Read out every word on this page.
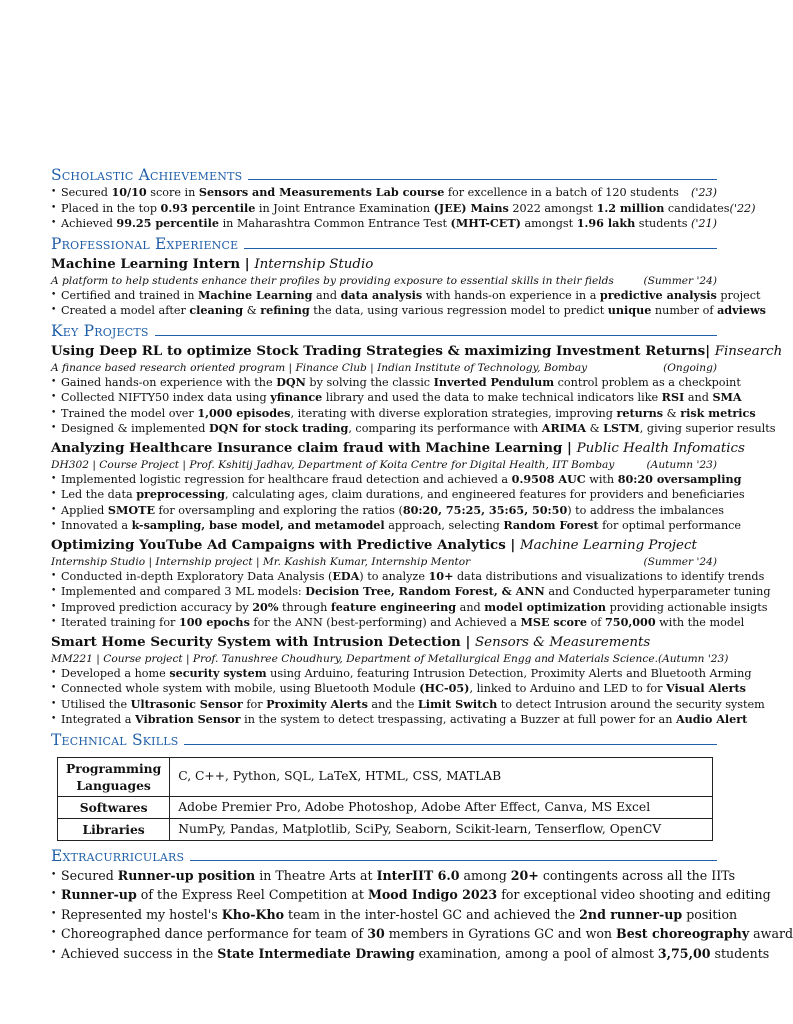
Scholastic Achievements
• Secured 10/10 score in Sensors and Measurements Lab course for excellence in a batch of 120 students ('23)
• Placed in the top 0.93 percentile in Joint Entrance Examination (JEE) Mains 2022 amongst 1.2 million candidates ('22)
• Achieved 99.25 percentile in Maharashtra Common Entrance Test (MHT-CET) amongst 1.96 lakh students ('21)
Professional Experience
Machine Learning Intern | Internship Studio
A platform to help students enhance their profiles by providing exposure to essential skills in their fields	(Summer '24)
• Certified and trained in Machine Learning and data analysis with hands-on experience in a predictive analysis project
• Created a model after cleaning & refining the data, using various regression model to predict unique number of adviews
Key Projects
Using Deep RL to optimize Stock Trading Strategies & maximizing Investment Returns| Finsearch
A finance based research oriented program | Finance Club | Indian Institute of Technology, Bombay	(Ongoing)
• Gained hands-on experience with the DQN by solving the classic Inverted Pendulum control problem as a checkpoint
• Collected NIFTY50 index data using yfinance library and used the data to make technical indicators like RSI and SMA
• Trained the model over 1,000 episodes, iterating with diverse exploration strategies, improving returns & risk metrics
• Designed & implemented DQN for stock trading, comparing its performance with ARIMA & LSTM, giving superior results
Analyzing Healthcare Insurance claim fraud with Machine Learning | Public Health Infomatics
DH302 | Course Project | Prof. Kshitij Jadhav, Department of Koita Centre for Digital Health, IIT Bombay	(Autumn '23)
• Implemented logistic regression for healthcare fraud detection and achieved a 0.9508 AUC with 80:20 oversampling
• Led the data preprocessing, calculating ages, claim durations, and engineered features for providers and beneficiaries
• Applied SMOTE for oversampling and exploring the ratios (80:20, 75:25, 35:65, 50:50) to address the imbalances
• Innovated a k-sampling, base model, and metamodel approach, selecting Random Forest for optimal performance
Optimizing YouTube Ad Campaigns with Predictive Analytics | Machine Learning Project
Internship Studio | Internship project | Mr. Kashish Kumar, Internship Mentor	(Summer '24)
• Conducted in-depth Exploratory Data Analysis (EDA) to analyze 10+ data distributions and visualizations to identify trends
• Implemented and compared 3 ML models: Decision Tree, Random Forest, & ANN and Conducted hyperparameter tuning
• Improved prediction accuracy by 20% through feature engineering and model optimization providing actionable insigts
• Iterated training for 100 epochs for the ANN (best-performing) and Achieved a MSE score of 750,000 with the model
Smart Home Security System with Intrusion Detection | Sensors & Measurements
MM221 | Course project | Prof. Tanushree Choudhury, Department of Metallurgical Engg and Materials Science. (Autumn '23)
• Developed a home security system using Arduino, featuring Intrusion Detection, Proximity Alerts and Bluetooth Arming
• Connected whole system with mobile, using Bluetooth Module (HC-05), linked to Arduino and LED to for Visual Alerts
• Utilised the Ultrasonic Sensor for Proximity Alerts and the Limit Switch to detect Intrusion around the security system
• Integrated a Vibration Sensor in the system to detect trespassing, activating a Buzzer at full power for an Audio Alert
Technical Skills
Programming Languages	C, C++, Python, SQL, LaTeX, HTML, CSS, MATLAB
Softwares	Adobe Premier Pro, Adobe Photoshop, Adobe After Effect, Canva, MS Excel
Libraries	NumPy, Pandas, Matplotlib, SciPy, Seaborn, Scikit-learn, Tenserflow, OpenCV
Extracurriculars
• Secured Runner-up position in Theatre Arts at InterIIT 6.0 among 20+ contingents across all the IITs
• Runner-up of the Express Reel Competition at Mood Indigo 2023 for exceptional video shooting and editing
• Represented my hostel's Kho-Kho team in the inter-hostel GC and achieved the 2nd runner-up position
• Choreographed dance performance for team of 30 members in Gyrations GC and won Best choreography award
• Achieved success in the State Intermediate Drawing examination, among a pool of almost 3,75,00 students
